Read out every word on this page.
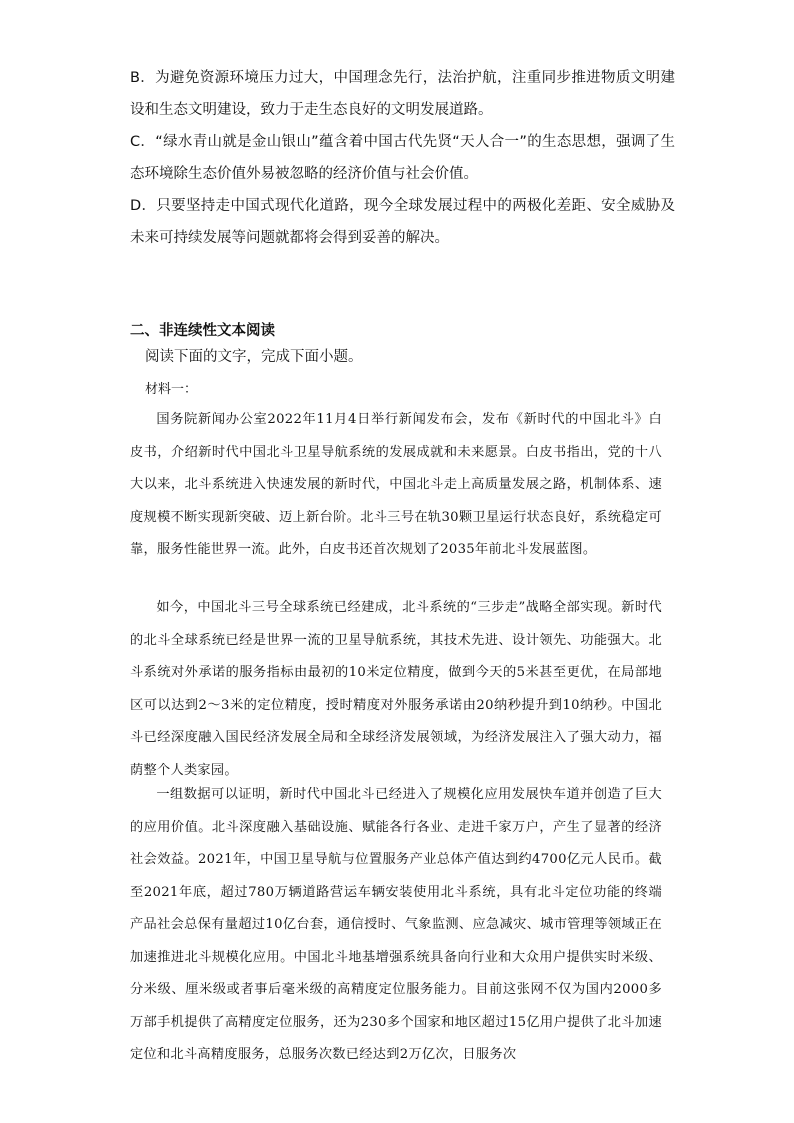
B．为避免资源环境压力过大，中国理念先行，法治护航，注重同步推进物质文明建设和生态文明建设，致力于走生态良好的文明发展道路。

C．“绿水青山就是金山银山”蕴含着中国古代先贤“天人合一”的生态思想，强调了生态环境除生态价值外易被忽略的经济价值与社会价值。

D．只要坚持走中国式现代化道路，现今全球发展过程中的两极化差距、安全威胁及未来可持续发展等问题就都将会得到妥善的解决。

二、非连续性文本阅读

阅读下面的文字，完成下面小题。

材料一：

国务院新闻办公室2022年11月4日举行新闻发布会，发布《新时代的中国北斗》白皮书，介绍新时代中国北斗卫星导航系统的发展成就和未来愿景。白皮书指出，党的十八大以来，北斗系统进入快速发展的新时代，中国北斗走上高质量发展之路，机制体系、速度规模不断实现新突破、迈上新台阶。北斗三号在轨30颗卫星运行状态良好，系统稳定可靠，服务性能世界一流。此外，白皮书还首次规划了2035年前北斗发展蓝图。

如今，中国北斗三号全球系统已经建成，北斗系统的“三步走”战略全部实现。新时代的北斗全球系统已经是世界一流的卫星导航系统，其技术先进、设计领先、功能强大。北斗系统对外承诺的服务指标由最初的10米定位精度，做到今天的5米甚至更优，在局部地区可以达到2～3米的定位精度，授时精度对外服务承诺由20纳秒提升到10纳秒。中国北斗已经深度融入国民经济发展全局和全球经济发展领域，为经济发展注入了强大动力，福荫整个人类家园。

一组数据可以证明，新时代中国北斗已经进入了规模化应用发展快车道并创造了巨大的应用价值。北斗深度融入基础设施、赋能各行各业、走进千家万户，产生了显著的经济社会效益。2021年，中国卫星导航与位置服务产业总体产值达到约4700亿元人民币。截至2021年底，超过780万辆道路营运车辆安装使用北斗系统，具有北斗定位功能的终端产品社会总保有量超过10亿台套，通信授时、气象监测、应急减灾、城市管理等领域正在加速推进北斗规模化应用。中国北斗地基增强系统具备向行业和大众用户提供实时米级、分米级、厘米级或者事后毫米级的高精度定位服务能力。目前这张网不仅为国内2000多万部手机提供了高精度定位服务，还为230多个国家和地区超过15亿用户提供了北斗加速定位和北斗高精度服务，总服务次数已经达到2万亿次，日服务次
